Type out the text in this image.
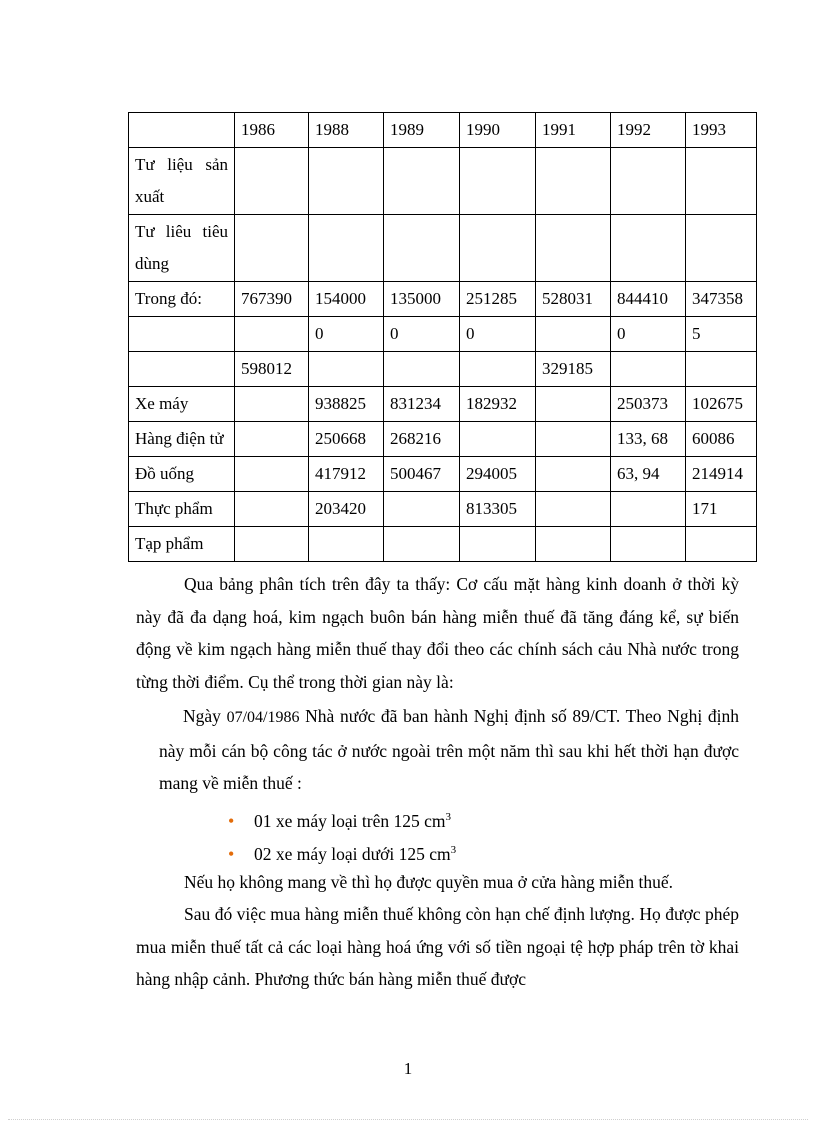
	1986	1988	1989	1990	1991	1992	1993
Tư liệu sản xuất							
Tư liêu tiêu dùng							
Trong đó:	767390	154000	135000	251285	528031	844410	347358
		0	0	0		0	5
	598012				329185		
Xe máy		938825	831234	182932		250373	102675
Hàng điện tử		250668	268216			133, 68	60086
Đồ uống		417912	500467	294005		63, 94	214914
Thực phẩm		203420		813305			171
Tạp phẩm							

Qua bảng phân tích trên đây ta thấy: Cơ cấu mặt hàng kinh doanh ở thời kỳ này đã đa dạng hoá, kim ngạch buôn bán hàng miễn thuế đã tăng đáng kể, sự biến động về kim ngạch hàng miễn thuế thay đổi theo các chính sách cảu Nhà nước trong từng thời điểm. Cụ thể trong thời gian này là:

Ngày 07/04/1986 Nhà nước đã ban hành Nghị định số 89/CT. Theo Nghị định này mỗi cán bộ công tác ở nước ngoài trên một năm thì sau khi hết thời hạn được mang về miễn thuế :

• 01 xe máy loại trên 125 $cm^3$
• 02 xe máy loại dưới 125 $cm^3$

Nếu họ không mang về thì họ được quyền mua ở cửa hàng miễn thuế.

Sau đó việc mua hàng miễn thuế không còn hạn chế định lượng. Họ được phép mua miễn thuế tất cả các loại hàng hoá ứng với số tiền ngoại tệ hợp pháp trên tờ khai hàng nhập cảnh. Phương thức bán hàng miễn thuế được

1
